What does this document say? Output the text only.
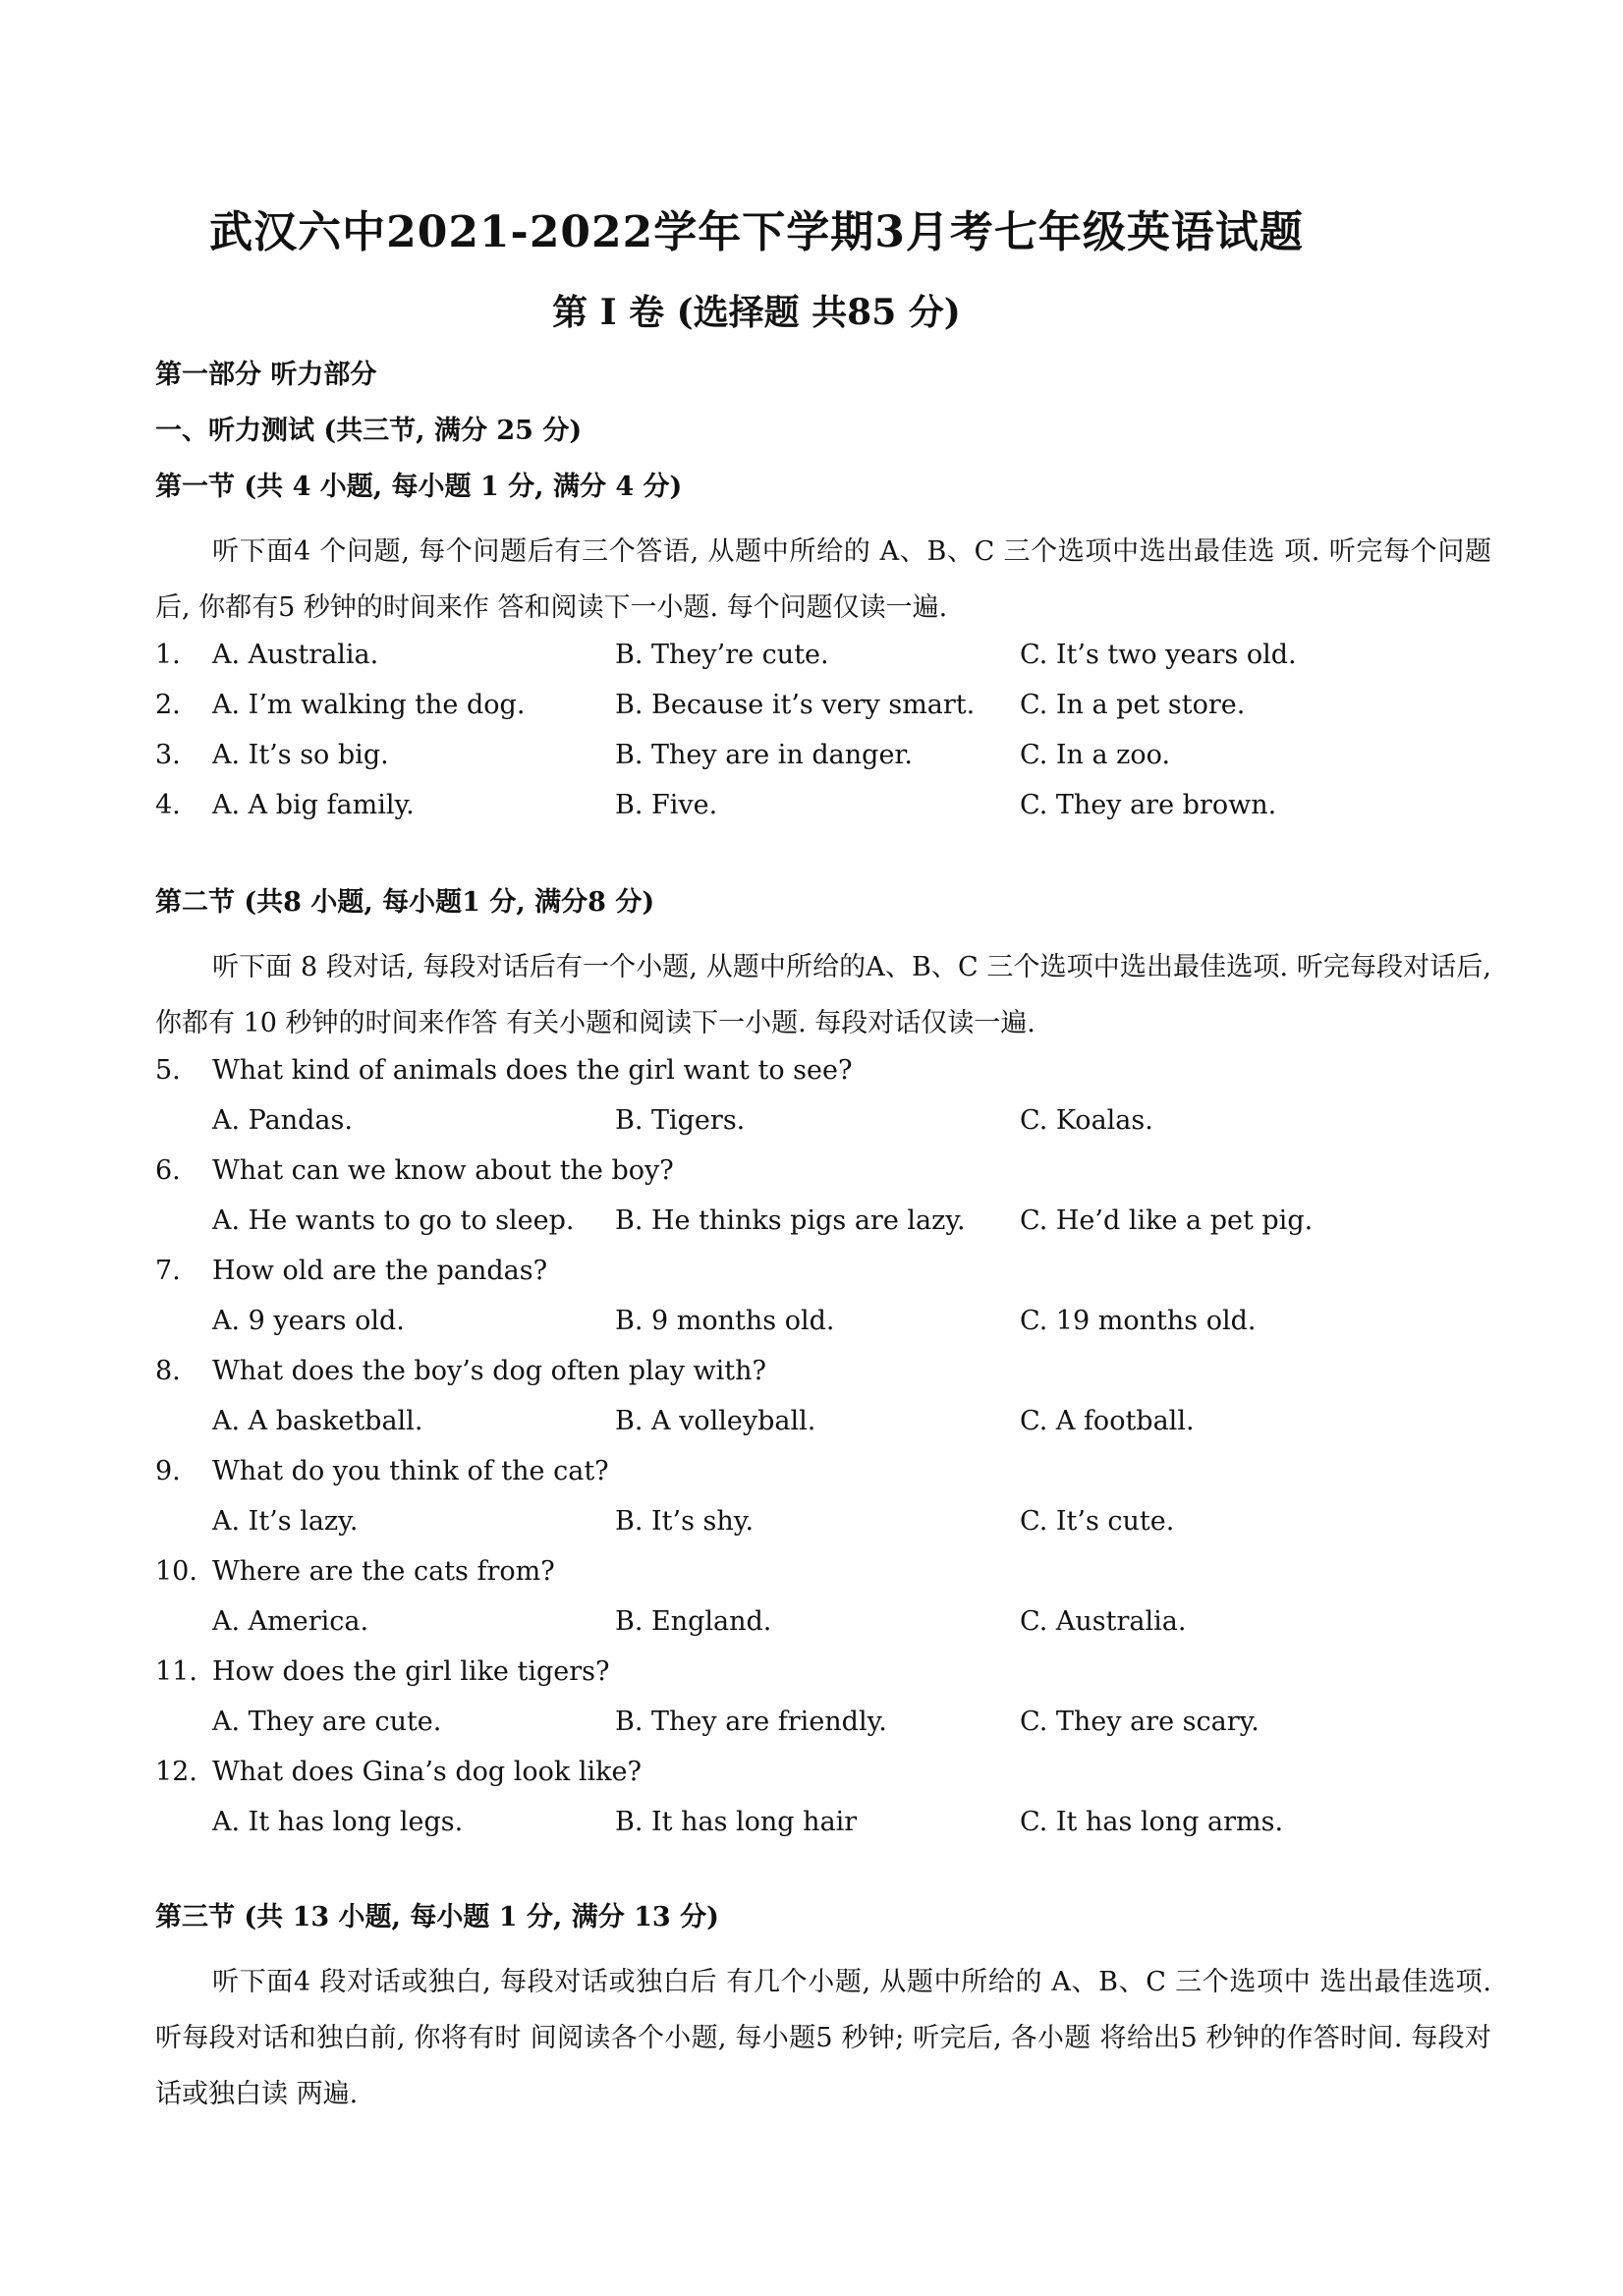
武汉六中2021-2022学年下学期3月考七年级英语试题
第 I 卷 (选择题 共85 分)
第一部分 听力部分
一、听力测试 (共三节, 满分 25 分)
第一节 (共 4 小题, 每小题 1 分, 满分 4 分)
听下面4 个问题, 每个问题后有三个答语, 从题中所给的 A、B、C 三个选项中选出最佳选 项. 听完每个问题后, 你都有5 秒钟的时间来作 答和阅读下一小题. 每个问题仅读一遍.
1. A. Australia.	B. They’re cute.	C. It’s two years old.
2. A. I’m walking the dog.	B. Because it’s very smart. C. In a pet store.
3. A. It’s so big.	B. They are in danger.	C. In a zoo.
4. A. A big family.	B. Five.	C. They are brown.
第二节 (共8 小题, 每小题1 分, 满分8 分)
听下面 8 段对话, 每段对话后有一个小题, 从题中所给的A、B、C 三个选项中选出最佳选项. 听完每段对话后, 你都有 10 秒钟的时间来作答 有关小题和阅读下一小题. 每段对话仅读一遍.
5. What kind of animals does the girl want to see?
A. Pandas.	B. Tigers.	C. Koalas.
6. What can we know about the boy?
A. He wants to go to sleep. B. He thinks pigs are lazy. C. He’d like a pet pig.
7. How old are the pandas?
A. 9 years old.	B. 9 months old.	C. 19 months old.
8. What does the boy’s dog often play with?
A. A basketball.	B. A volleyball.	C. A football.
9. What do you think of the cat?
A. It’s lazy.	B. It’s shy.	C. It’s cute.
10. Where are the cats from?
A. America.	B. England.	C. Australia.
11. How does the girl like tigers?
A. They are cute.	B. They are friendly.	C. They are scary.
12. What does Gina’s dog look like?
A. It has long legs.	B. It has long hair	C. It has long arms.
第三节 (共 13 小题, 每小题 1 分, 满分 13 分)
听下面4 段对话或独白, 每段对话或独白后 有几个小题, 从题中所给的 A、B、C 三个选项中 选出最佳选项. 听每段对话和独白前, 你将有时 间阅读各个小题, 每小题5 秒钟; 听完后, 各小题 将给出5 秒钟的作答时间. 每段对话或独白读 两遍.
